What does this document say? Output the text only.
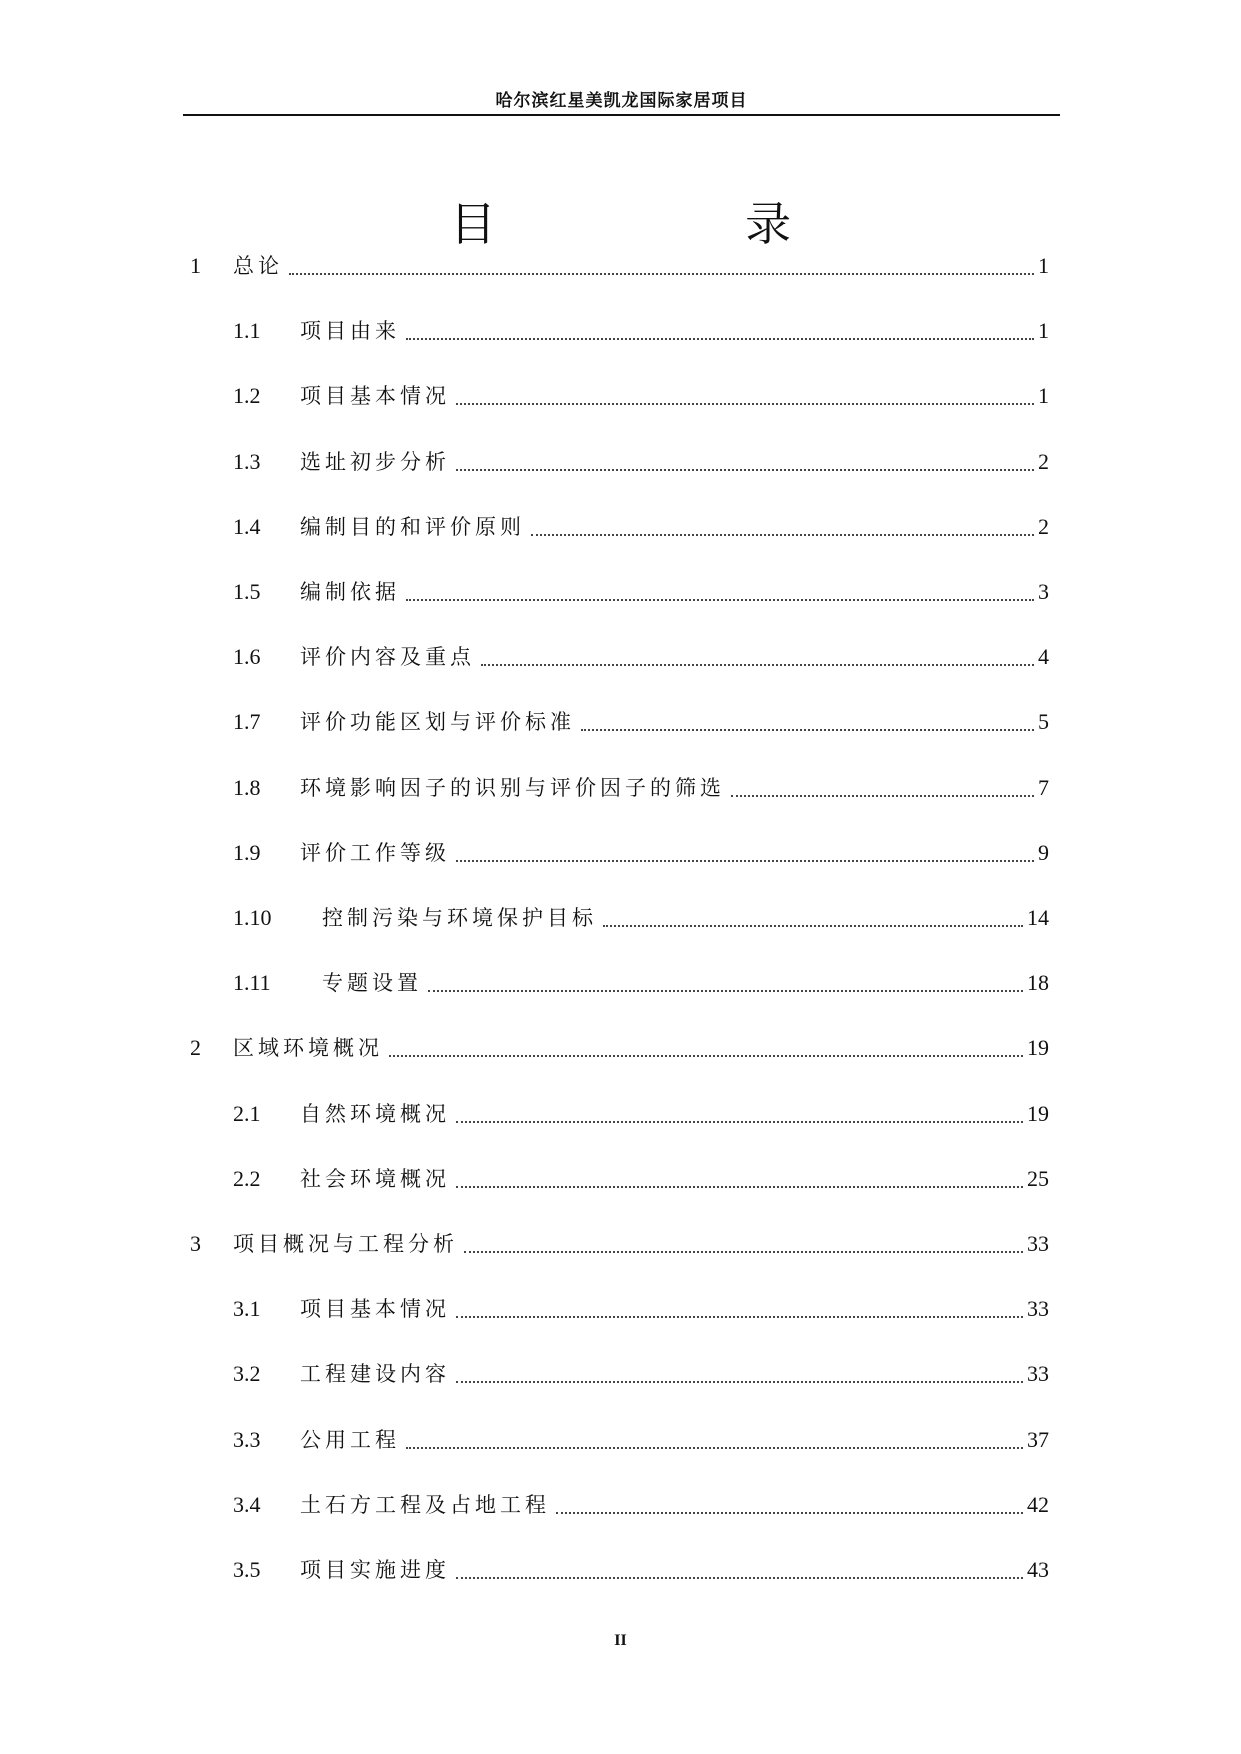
哈尔滨红星美凯龙国际家居项目
目	录
1 总论	1
1.1 项目由来	1
1.2 项目基本情况	1
1.3 选址初步分析	2
1.4 编制目的和评价原则	2
1.5 编制依据	3
1.6 评价内容及重点	4
1.7 评价功能区划与评价标准	5
1.8 环境影响因子的识别与评价因子的筛选	7
1.9 评价工作等级	9
1.10 控制污染与环境保护目标	14
1.11 专题设置	18
2 区域环境概况	19
2.1 自然环境概况	19
2.2 社会环境概况	25
3 项目概况与工程分析	33
3.1 项目基本情况	33
3.2 工程建设内容	33
3.3 公用工程	37
3.4 土石方工程及占地工程	42
3.5 项目实施进度	43
II
